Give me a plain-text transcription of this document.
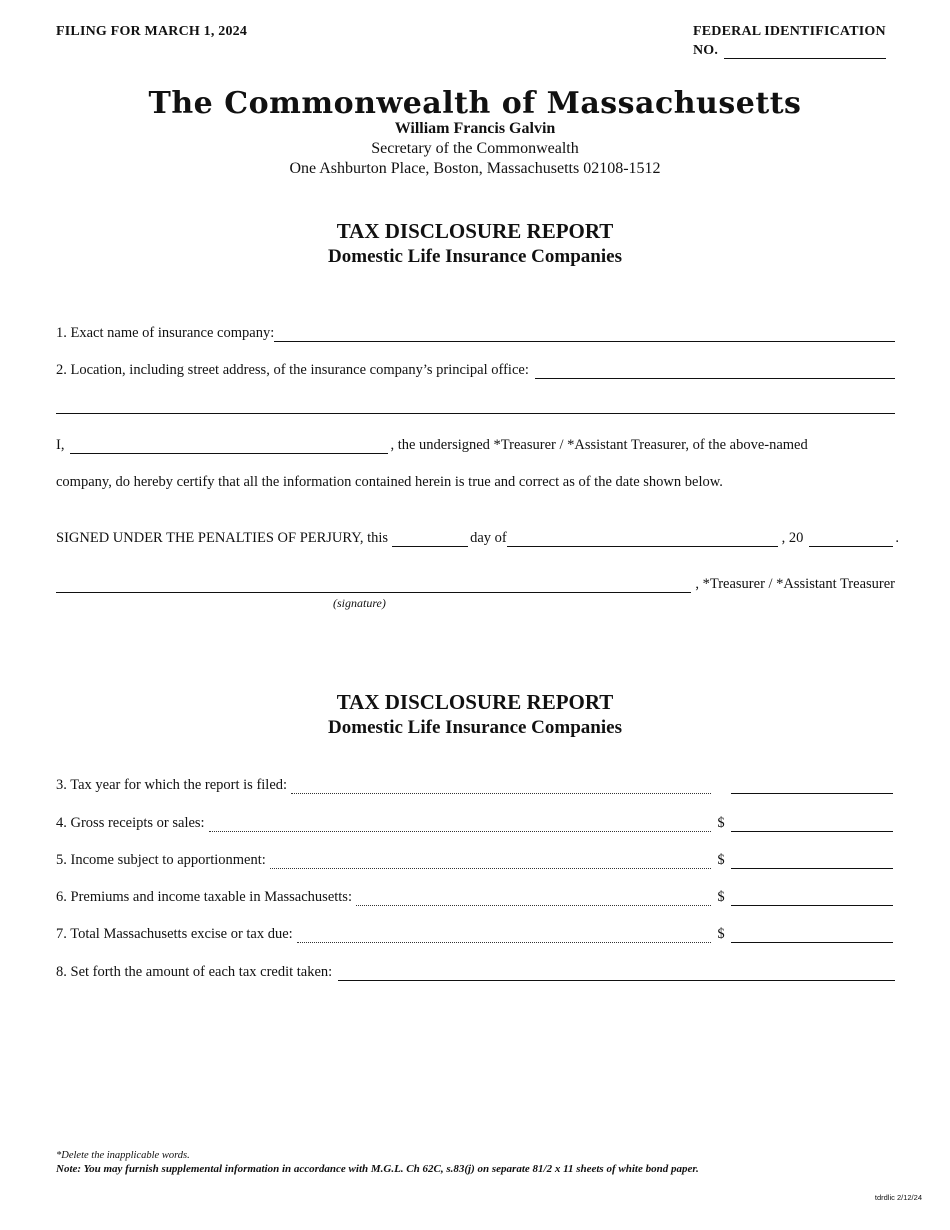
FILING FOR MARCH 1, 2024	FEDERAL IDENTIFICATION
NO.
The Commonwealth of Massachusetts
William Francis Galvin
Secretary of the Commonwealth
One Ashburton Place, Boston, Massachusetts 02108-1512
TAX DISCLOSURE REPORT
Domestic Life Insurance Companies
1. Exact name of insurance company:
2. Location, including street address, of the insurance company’s principal office:
I,	, the undersigned *Treasurer / *Assistant Treasurer, of the above-named
company, do hereby certify that all the information contained herein is true and correct as of the date shown below.
SIGNED UNDER THE PENALTIES OF PERJURY, this	day of	, 20	.
, *Treasurer / *Assistant Treasurer
(signature)
TAX DISCLOSURE REPORT
Domestic Life Insurance Companies
3. Tax year for which the report is filed:
4. Gross receipts or sales:	$
5. Income subject to apportionment:	$
6. Premiums and income taxable in Massachusetts:	$
7. Total Massachusetts excise or tax due:	$
8. Set forth the amount of each tax credit taken:
*Delete the inapplicable words.
Note: You may furnish supplemental information in accordance with M.G.L. Ch 62C, s.83(j) on separate 81/2 x 11 sheets of white bond paper.
tdrdlic 2/12/24
